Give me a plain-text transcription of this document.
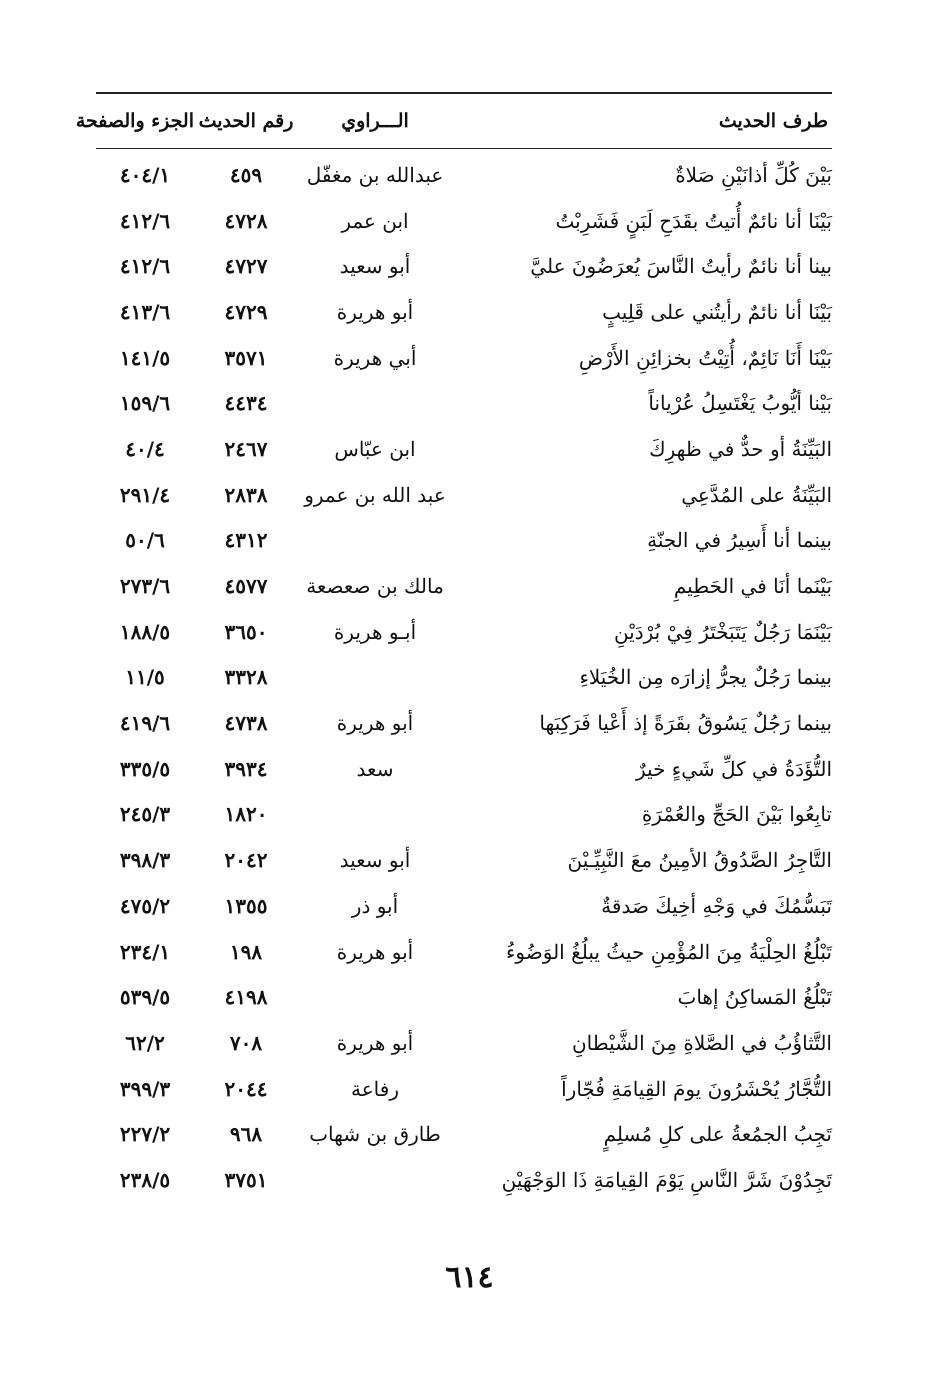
طرف الحديث
الـــراوي
رقم الحديث
الجزء والصفحة
بَيْنَ كُلِّ أذانَيْنِ صَلاةٌ
عبدالله بن مغفّل
٤٥٩
٤٠٤/١
بَيْنَا أنا نائمٌ أُتيتُ بقَدَحِ لَبَنٍ فَشَرِبْتُ
ابن عمر
٤٧٢٨
٤١٢/٦
بينا أنا نائمٌ رأيتُ النَّاسَ يُعرَضُونَ عليَّ
أبو سعيد
٤٧٢٧
٤١٢/٦
بَيْنَا أنا نائمٌ رأيتُني على قَلِيبٍ
أبو هريرة
٤٧٢٩
٤١٣/٦
بَيْنَا أَنَا نَائِمٌ، أُتِيْتُ بخزائِنِ الأَرْضِ
أبي هريرة
٣٥٧١
١٤١/٥
بَيْنا أيُّوبُ يَغْتَسِلُ عُرْياناً
٤٤٣٤
١٥٩/٦
البَيِّنَةُ أو حدٌّ في ظهرِكَ
ابن عبّاس
٢٤٦٧
٤٠/٤
البَيِّنَةُ على المُدَّعِي
عبد الله بن عمرو
٢٨٣٨
٢٩١/٤
بينما أنا أَسِيرُ في الجنّةِ
٤٣١٢
٥٠/٦
بَيْنَما أنَا في الحَطِيمِ
مالك بن صعصعة
٤٥٧٧
٢٧٣/٦
بَيْنَمَا رَجُلٌ يَتَبَخْتَرُ فِيْ بُرْدَيْنِ
أبـو هريرة
٣٦٥٠
١٨٨/٥
بينما رَجُلٌ يجرُّ إزارَه مِن الخُيَلاءِ
٣٣٢٨
١١/٥
بينما رَجُلٌ يَسُوقُ بقَرَةً إذ أَعْيا فَرَكِبَها
أبو هريرة
٤٧٣٨
٤١٩/٦
التُّؤَدَةُ في كلِّ شَيءٍ خيرٌ
سعد
٣٩٣٤
٣٣٥/٥
تابِعُوا بَيْنَ الحَجِّ والعُمْرَةِ
١٨٢٠
٢٤٥/٣
التَّاجِرُ الصَّدُوقُ الأمِينُ معَ النَّبِيِّـيْنَ
أبو سعيد
٢٠٤٢
٣٩٨/٣
تَبَسُّمُكَ في وَجْهِ أخِيكَ صَدقةٌ
أبو ذر
١٣٥٥
٤٧٥/٢
تَبْلُغُ الحِلْيَةُ مِنَ المُؤْمِنِ حيثُ يبلُغُ الوَضُوءُ
أبو هريرة
١٩٨
٢٣٤/١
تَبْلُغُ المَساكِنُ إهابَ
٤١٩٨
٥٣٩/٥
التَّثاؤُبُ في الصَّلاةِ مِنَ الشَّيْطانِ
أبو هريرة
٧٠٨
٦٢/٢
التُّجَّارُ يُحْشَرُونَ يومَ القِيامَةِ فُجّاراً
رفاعة
٢٠٤٤
٣٩٩/٣
تَجِبُ الجمُعةُ على كلِ مُسلِمٍ
طارق بن شهاب
٩٦٨
٢٢٧/٢
تَجِدُوْنَ شَرَّ النَّاسِ يَوْمَ القِيامَةِ ذَا الوَجْهَيْنِ
٣٧٥١
٢٣٨/٥
٦١٤
